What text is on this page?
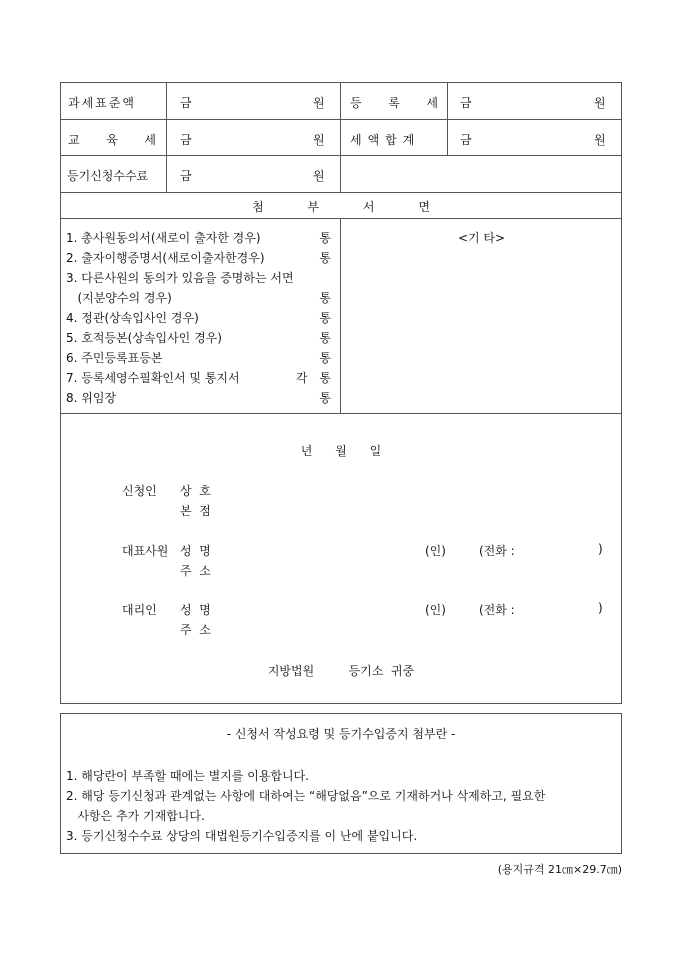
과세표준액	금	원 등 록 세 금	원
교 육 세 금	원 세액합계	금	원
등기신청수수료	금	원
첨 부 서 면
1. 총사원동의서(새로이 출자한 경우)	통
2. 출자이행증명서(새로이출자한경우)	통
3. 다른사원의 동의가 있음을 증명하는 서면
(지분양수의 경우)	통
4. 정관(상속입사인 경우)	통
5. 호적등본(상속입사인 경우)	통
6. 주민등록표등본	통
7. 등록세영수필확인서 및 통지서	각 통
8. 위임장	통
<기 타>
년      월      일
신청인 상  호
본  점
대표사원 성  명	(인)	(전화 :	)
주  소
대리인 성  명	(인)	(전화 :	)
주  소
지방법원         등기소  귀중
- 신청서 작성요령 및 등기수입증지 첨부란 -
1. 해당란이 부족할 때에는 별지를 이용합니다.
2. 해당 등기신청과 관계없는 사항에 대하여는 “해당없음”으로 기재하거나 삭제하고, 필요한
사항은 추가 기재합니다.
3. 등기신청수수료 상당의 대법원등기수입증지를 이 난에 붙입니다.
(용지규격 21㎝×29.7㎝)
